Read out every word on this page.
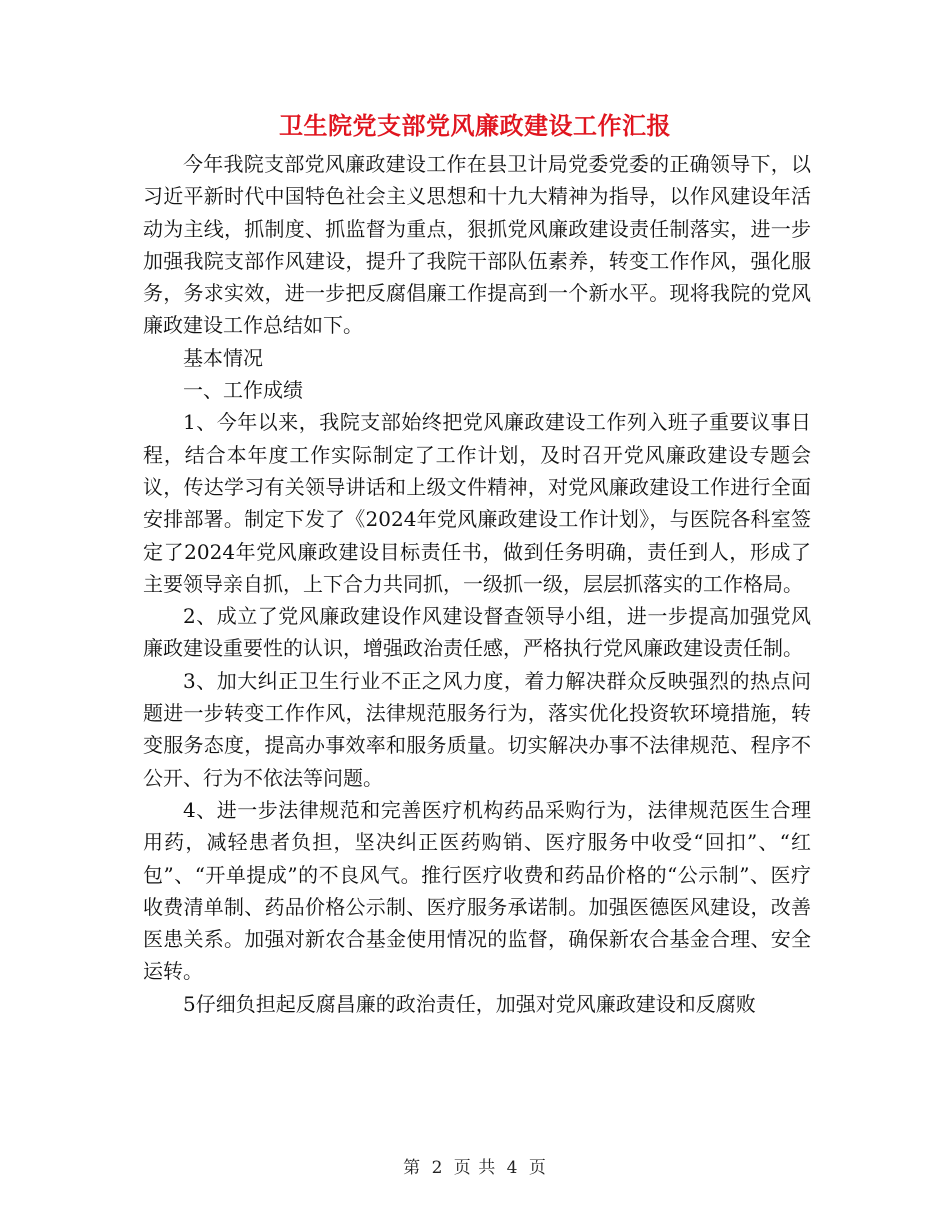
卫生院党支部党风廉政建设工作汇报

今年我院支部党风廉政建设工作在县卫计局党委党委的正确领导下，以习近平新时代中国特色社会主义思想和十九大精神为指导，以作风建设年活动为主线，抓制度、抓监督为重点，狠抓党风廉政建设责任制落实，进一步加强我院支部作风建设，提升了我院干部队伍素养，转变工作作风，强化服务，务求实效，进一步把反腐倡廉工作提高到一个新水平。现将我院的党风廉政建设工作总结如下。

基本情况

一、工作成绩

1、今年以来，我院支部始终把党风廉政建设工作列入班子重要议事日程，结合本年度工作实际制定了工作计划，及时召开党风廉政建设专题会议，传达学习有关领导讲话和上级文件精神，对党风廉政建设工作进行全面安排部署。制定下发了《2024年党风廉政建设工作计划》，与医院各科室签定了2024年党风廉政建设目标责任书，做到任务明确，责任到人，形成了主要领导亲自抓，上下合力共同抓，一级抓一级，层层抓落实的工作格局。

2、成立了党风廉政建设作风建设督查领导小组，进一步提高加强党风廉政建设重要性的认识，增强政治责任感，严格执行党风廉政建设责任制。

3、加大纠正卫生行业不正之风力度，着力解决群众反映强烈的热点问题进一步转变工作作风，法律规范服务行为，落实优化投资软环境措施，转变服务态度，提高办事效率和服务质量。切实解决办事不法律规范、程序不公开、行为不依法等问题。

4、进一步法律规范和完善医疗机构药品采购行为，法律规范医生合理用药，减轻患者负担，坚决纠正医药购销、医疗服务中收受“回扣”、“红包”、“开单提成”的不良风气。推行医疗收费和药品价格的“公示制”、医疗收费清单制、药品价格公示制、医疗服务承诺制。加强医德医风建设，改善医患关系。加强对新农合基金使用情况的监督，确保新农合基金合理、安全运转。

5仔细负担起反腐昌廉的政治责任，加强对党风廉政建设和反腐败

第 2 页 共 4 页
